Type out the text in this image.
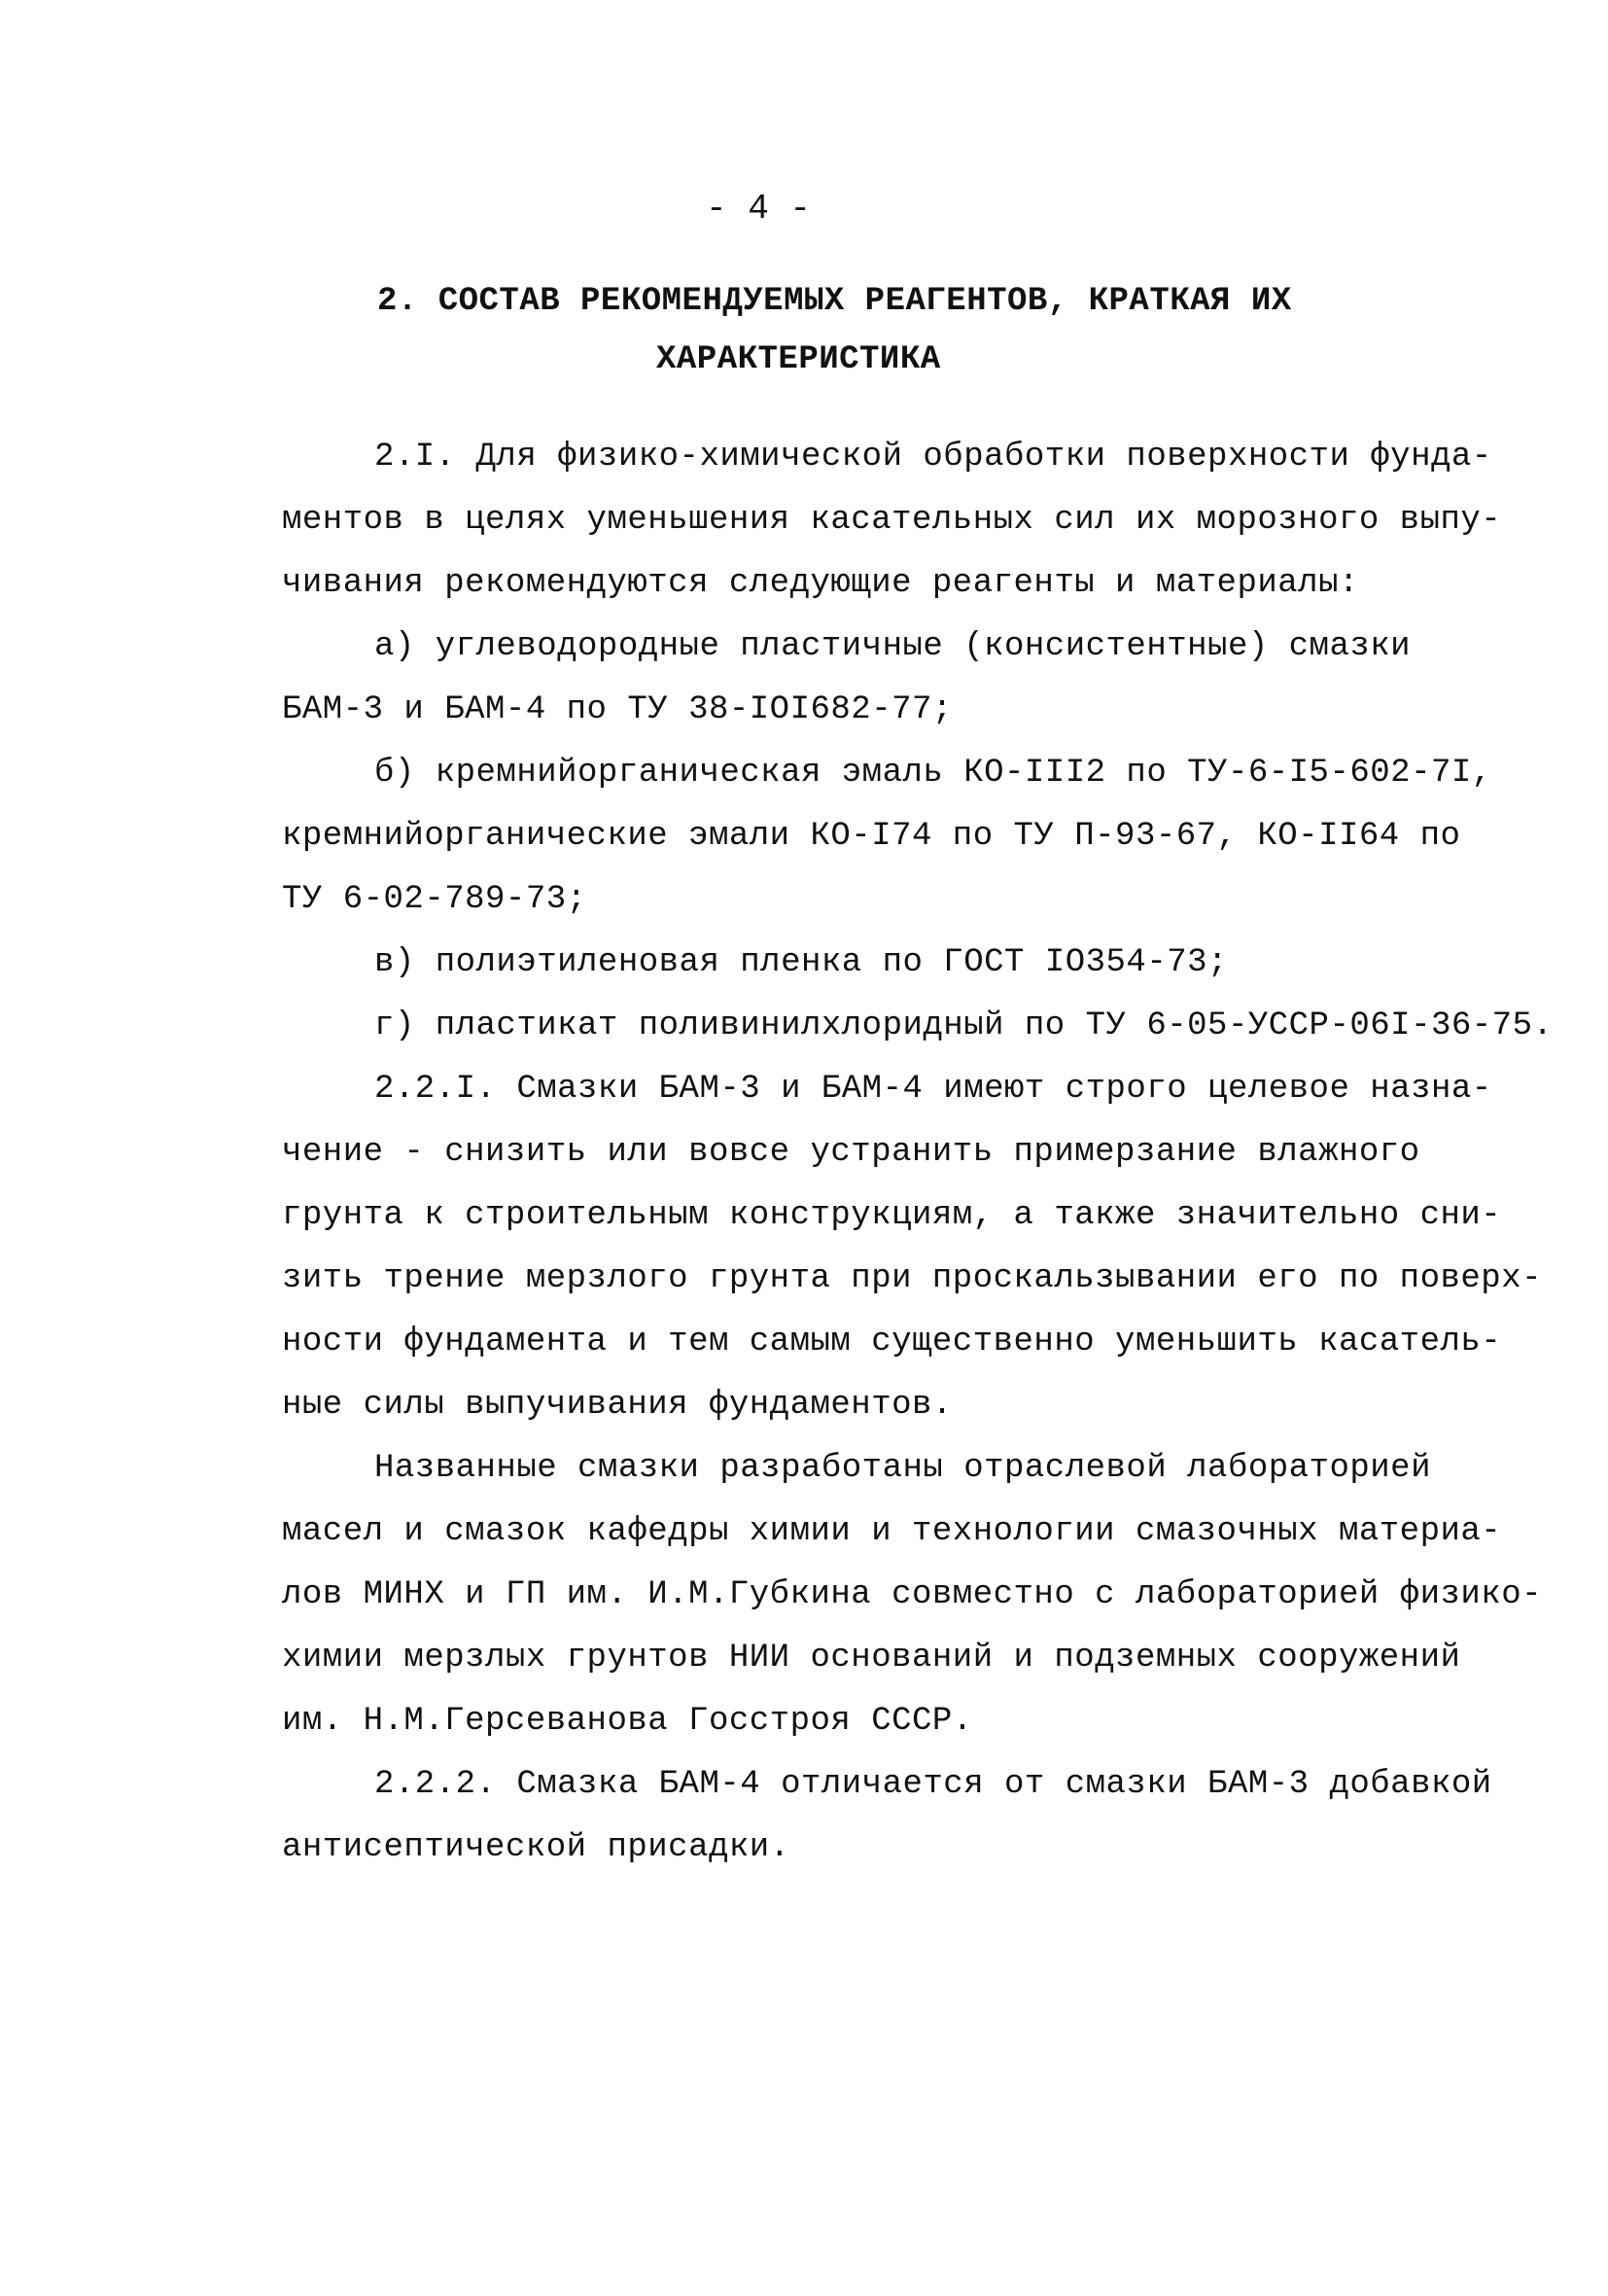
- 4 -
2. СОСТАВ РЕКОМЕНДУЕМЫХ РЕАГЕНТОВ, КРАТКАЯ ИХ
ХАРАКТЕРИСТИКА
2.I. Для физико-химической обработки поверхности фунда-
ментов в целях уменьшения касательных сил их морозного выпу-
чивания рекомендуются следующие реагенты и материалы:
а) углеводородные пластичные (консистентные) смазки
БАМ-3 и БАМ-4 по ТУ 38-IOI682-77;
б) кремнийорганическая эмаль КО-III2 по ТУ-6-I5-602-7I,
кремнийорганические эмали КО-I74 по ТУ П-93-67, КО-II64 по
ТУ 6-02-789-73;
в) полиэтиленовая пленка по ГОСТ IO354-73;
г) пластикат поливинилхлоридный по ТУ 6-05-УССР-06I-36-75.
2.2.I. Смазки БАМ-3 и БАМ-4 имеют строго целевое назна-
чение - снизить или вовсе устранить примерзание влажного
грунта к строительным конструкциям, а также значительно сни-
зить трение мерзлого грунта при проскальзывании его по поверх-
ности фундамента и тем самым существенно уменьшить касатель-
ные силы выпучивания фундаментов.
Названные смазки разработаны отраслевой лабораторией
масел и смазок кафедры химии и технологии смазочных материа-
лов МИНХ и ГП им. И.М.Губкина совместно с лабораторией физико-
химии мерзлых грунтов НИИ оснований и подземных сооружений
им. Н.М.Герсеванова Госстроя СССР.
2.2.2. Смазка БАМ-4 отличается от смазки БАМ-3 добавкой
антисептической присадки.
